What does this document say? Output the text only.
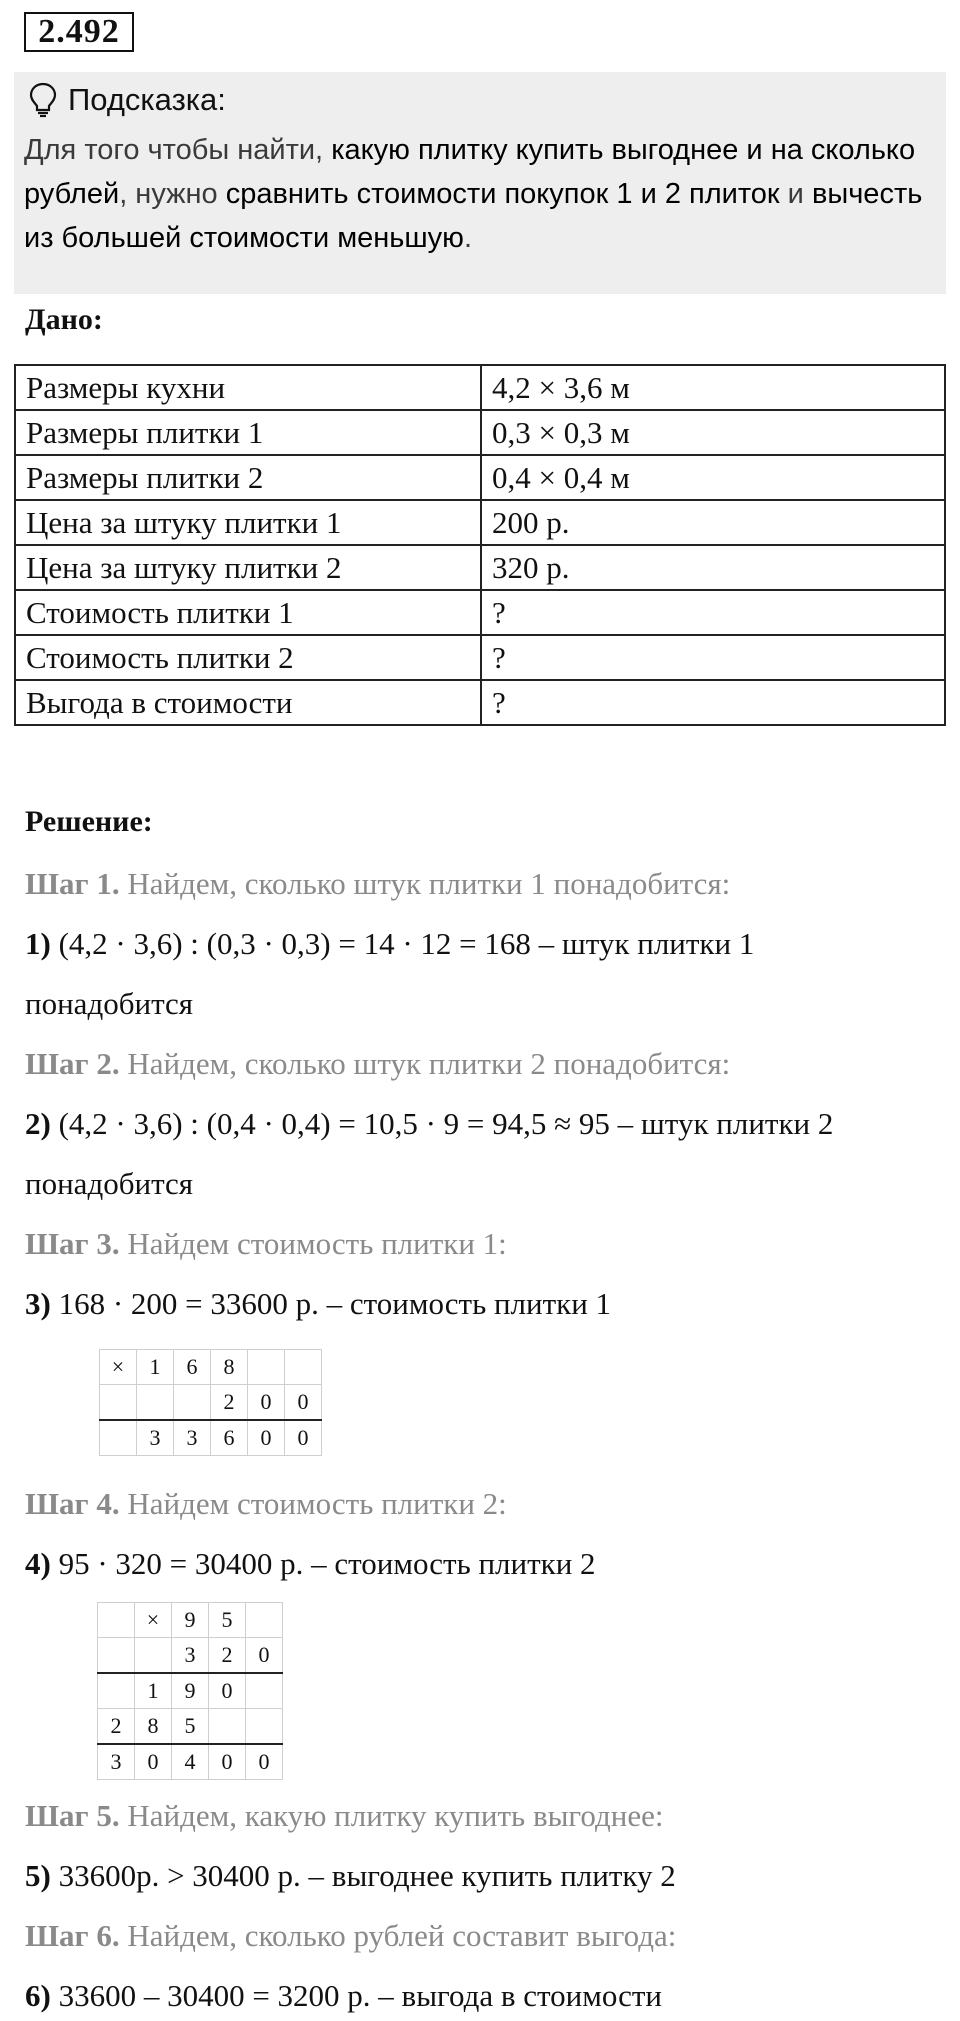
2.492
Подсказка:
Для того чтобы найти, какую плитку купить выгоднее и на сколько рублей, нужно сравнить стоимости покупок 1 и 2 плиток и вычесть из большей стоимости меньшую.
Дано:
Размеры кухни	4,2 × 3,6 м
Размеры плитки 1	0,3 × 0,3 м
Размеры плитки 2	0,4 × 0,4 м
Цена за штуку плитки 1	200 р.
Цена за штуку плитки 2	320 р.
Стоимость плитки 1	?
Стоимость плитки 2	?
Выгода в стоимости	?
Решение:
Шаг 1. Найдем, сколько штук плитки 1 понадобится:
1) (4,2 · 3,6) : (0,3 · 0,3) = 14 · 12 = 168 – штук плитки 1
понадобится
Шаг 2. Найдем, сколько штук плитки 2 понадобится:
2) (4,2 · 3,6) : (0,4 · 0,4) = 10,5 · 9 = 94,5 ≈ 95 – штук плитки 2
понадобится
Шаг 3. Найдем стоимость плитки 1:
3) 168 · 200 = 33600 р. – стоимость плитки 1
×	1	6	8		
			2	0	0
	3	3	6	0	0
Шаг 4. Найдем стоимость плитки 2:
4) 95 · 320 = 30400 р. – стоимость плитки 2
	×	9	5	
		3	2	0
	1	9	0	
2	8	5		
3	0	4	0	0
Шаг 5. Найдем, какую плитку купить выгоднее:
5) 33600р. > 30400 р. – выгоднее купить плитку 2
Шаг 6. Найдем, сколько рублей составит выгода:
6) 33600 – 30400 = 3200 р. – выгода в стоимости
